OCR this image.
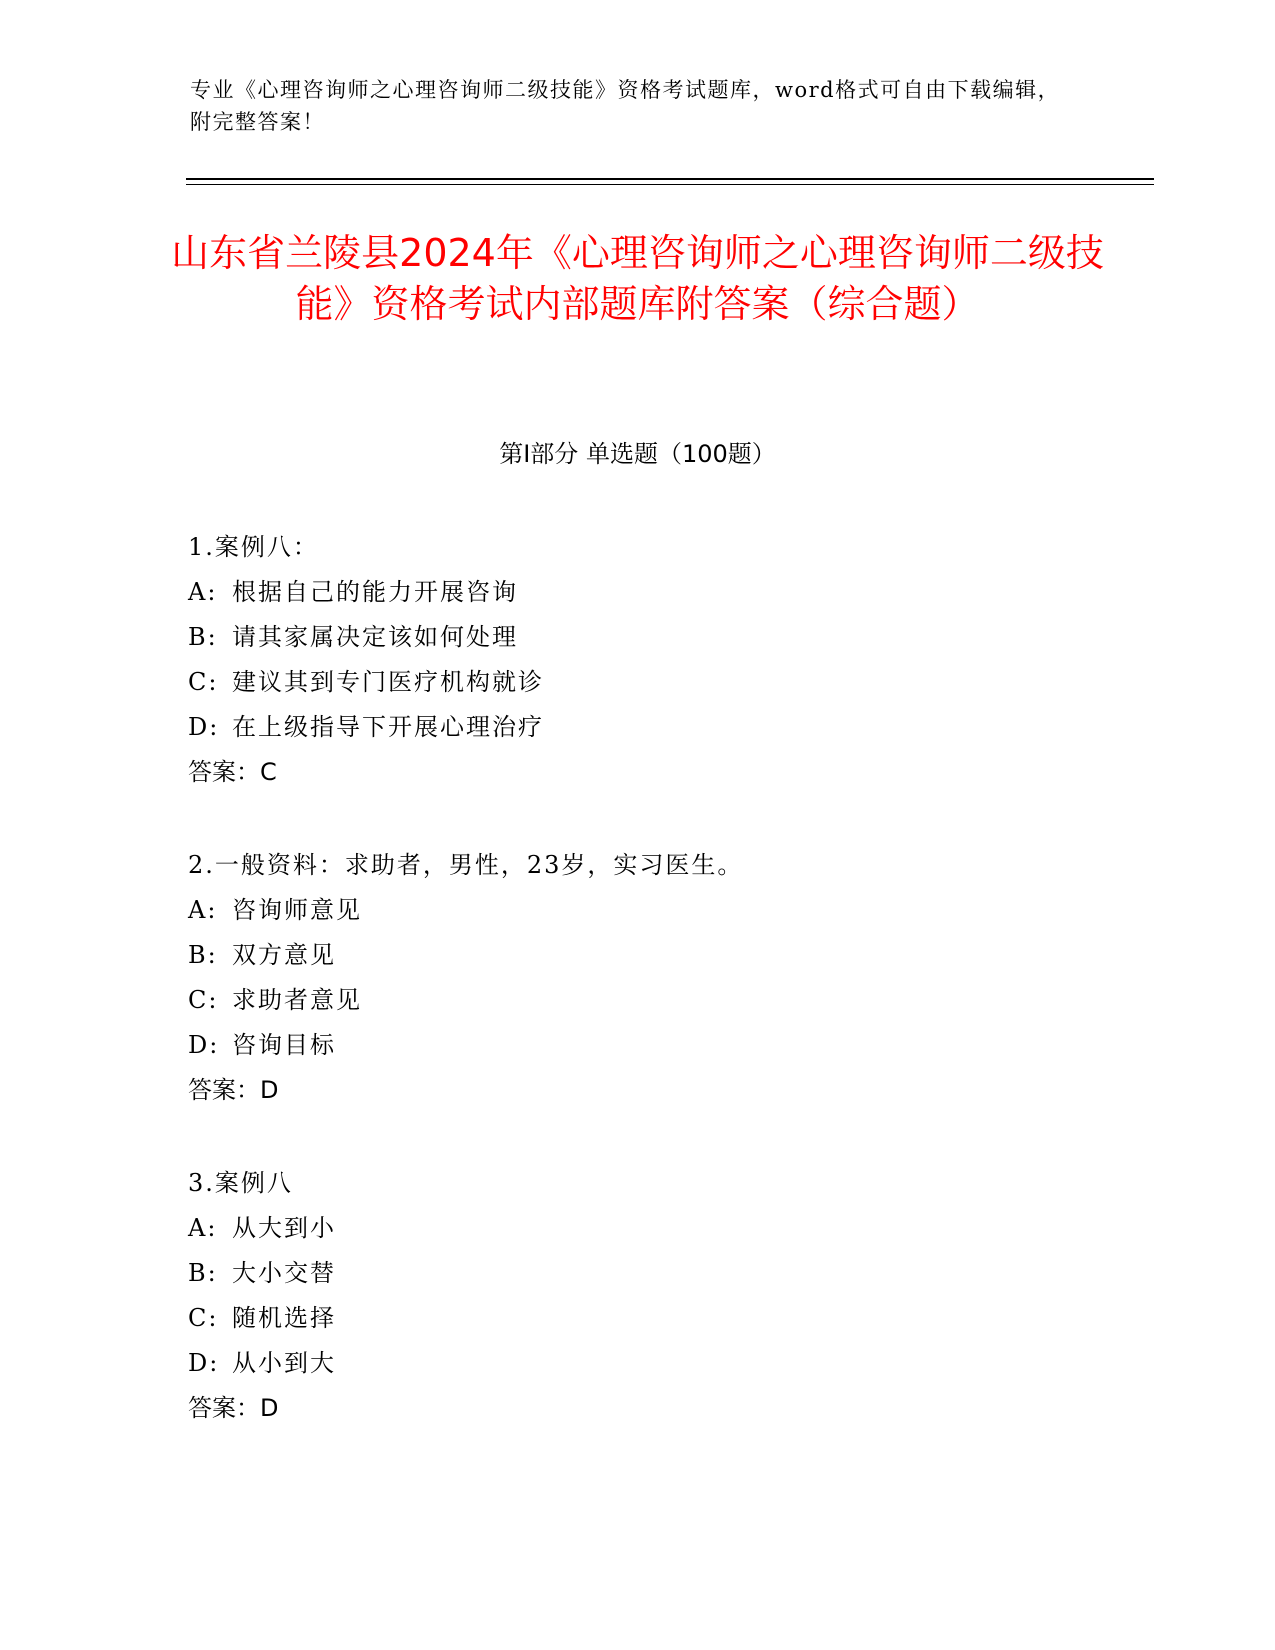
专业《心理咨询师之心理咨询师二级技能》资格考试题库，word格式可自由下载编辑，附完整答案！
山东省兰陵县2024年《心理咨询师之心理咨询师二级技能》资格考试内部题库附答案（综合题）
第Ⅰ部分 单选题（100题）
1.案例八：
A: 根据自己的能力开展咨询
B: 请其家属决定该如何处理
C: 建议其到专门医疗机构就诊
D: 在上级指导下开展心理治疗
答案：C
2.一般资料：求助者，男性，23岁，实习医生。
A: 咨询师意见
B: 双方意见
C: 求助者意见
D: 咨询目标
答案：D
3.案例八
A: 从大到小
B: 大小交替
C: 随机选择
D: 从小到大
答案：D
